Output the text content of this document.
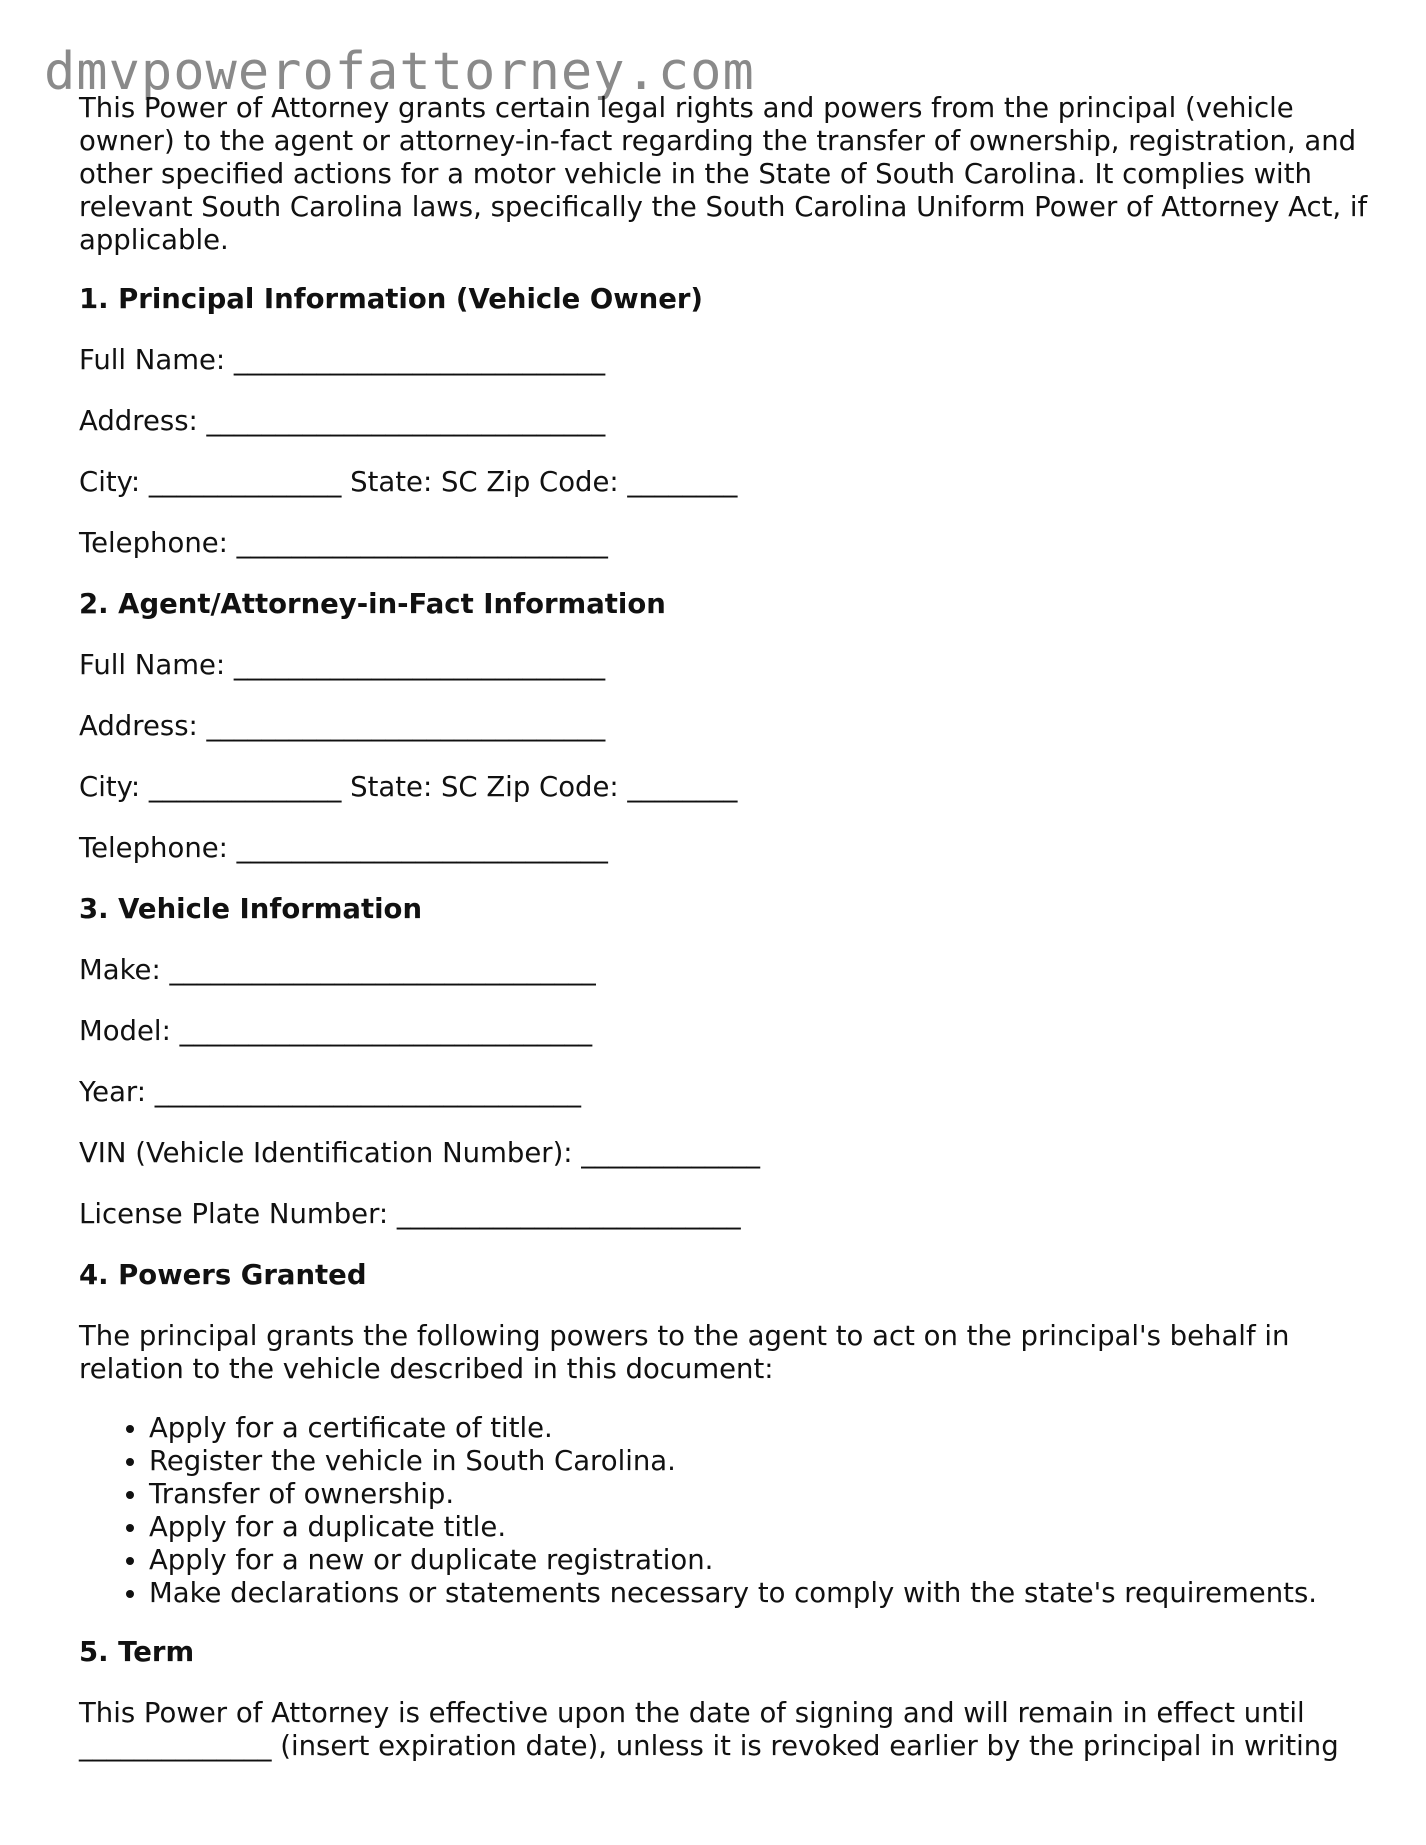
dmvpowerofattorney.com

This Power of Attorney grants certain legal rights and powers from the principal (vehicle owner) to the agent or attorney-in-fact regarding the transfer of ownership, registration, and other specified actions for a motor vehicle in the State of South Carolina. It complies with relevant South Carolina laws, specifically the South Carolina Uniform Power of Attorney Act, if applicable.

1. Principal Information (Vehicle Owner)
Full Name: ___________________________
Address: _____________________________
City: ______________ State: SC Zip Code: ________
Telephone: ___________________________
2. Agent/Attorney-in-Fact Information
Full Name: ___________________________
Address: _____________________________
City: ______________ State: SC Zip Code: ________
Telephone: ___________________________
3. Vehicle Information
Make: _______________________________
Model: ______________________________
Year: _______________________________
VIN (Vehicle Identification Number): _____________
License Plate Number: _________________________
4. Powers Granted

The principal grants the following powers to the agent to act on the principal's behalf in relation to the vehicle described in this document:

• Apply for a certificate of title.
• Register the vehicle in South Carolina.
• Transfer of ownership.
• Apply for a duplicate title.
• Apply for a new or duplicate registration.
• Make declarations or statements necessary to comply with the state's requirements.
5. Term

This Power of Attorney is effective upon the date of signing and will remain in effect until ______________ (insert expiration date), unless it is revoked earlier by the principal in writing
